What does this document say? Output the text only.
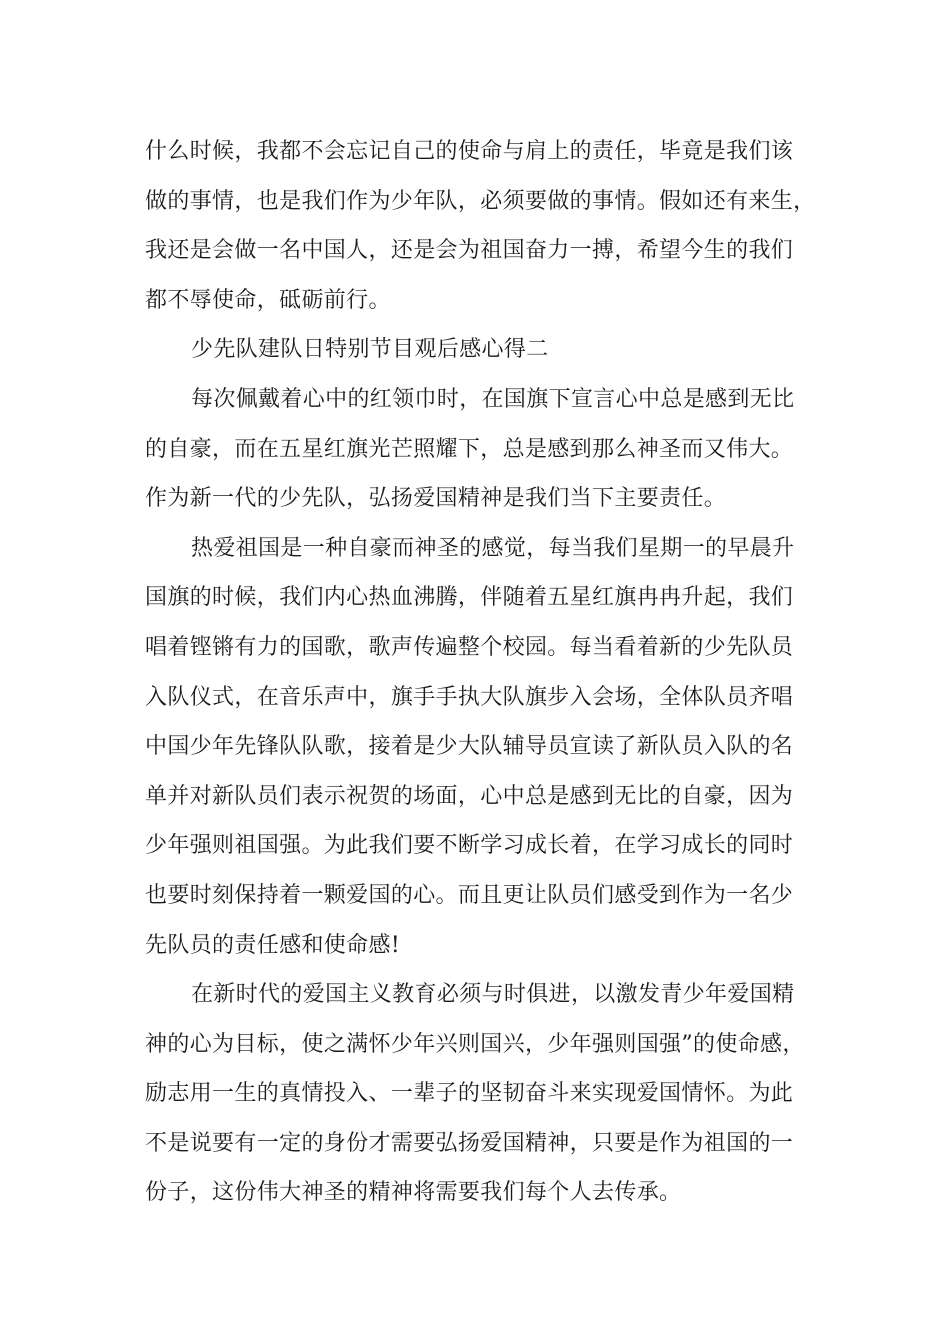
什么时候，我都不会忘记自己的使命与肩上的责任，毕竟是我们该
做的事情，也是我们作为少年队，必须要做的事情。假如还有来生，
我还是会做一名中国人，还是会为祖国奋力一搏，希望今生的我们
都不辱使命，砥砺前行。
少先队建队日特别节目观后感心得二
每次佩戴着心中的红领巾时，在国旗下宣言心中总是感到无比
的自豪，而在五星红旗光芒照耀下，总是感到那么神圣而又伟大。
作为新一代的少先队，弘扬爱国精神是我们当下主要责任。
热爱祖国是一种自豪而神圣的感觉，每当我们星期一的早晨升
国旗的时候，我们内心热血沸腾，伴随着五星红旗冉冉升起，我们
唱着铿锵有力的国歌，歌声传遍整个校园。每当看着新的少先队员
入队仪式，在音乐声中，旗手手执大队旗步入会场，全体队员齐唱
中国少年先锋队队歌，接着是少大队辅导员宣读了新队员入队的名
单并对新队员们表示祝贺的场面，心中总是感到无比的自豪，因为
少年强则祖国强。为此我们要不断学习成长着，在学习成长的同时
也要时刻保持着一颗爱国的心。而且更让队员们感受到作为一名少
先队员的责任感和使命感!
在新时代的爱国主义教育必须与时俱进，以激发青少年爱国精
神的心为目标，使之满怀少年兴则国兴，少年强则国强”的使命感，
励志用一生的真情投入、一辈子的坚韧奋斗来实现爱国情怀。为此
不是说要有一定的身份才需要弘扬爱国精神，只要是作为祖国的一
份子，这份伟大神圣的精神将需要我们每个人去传承。
